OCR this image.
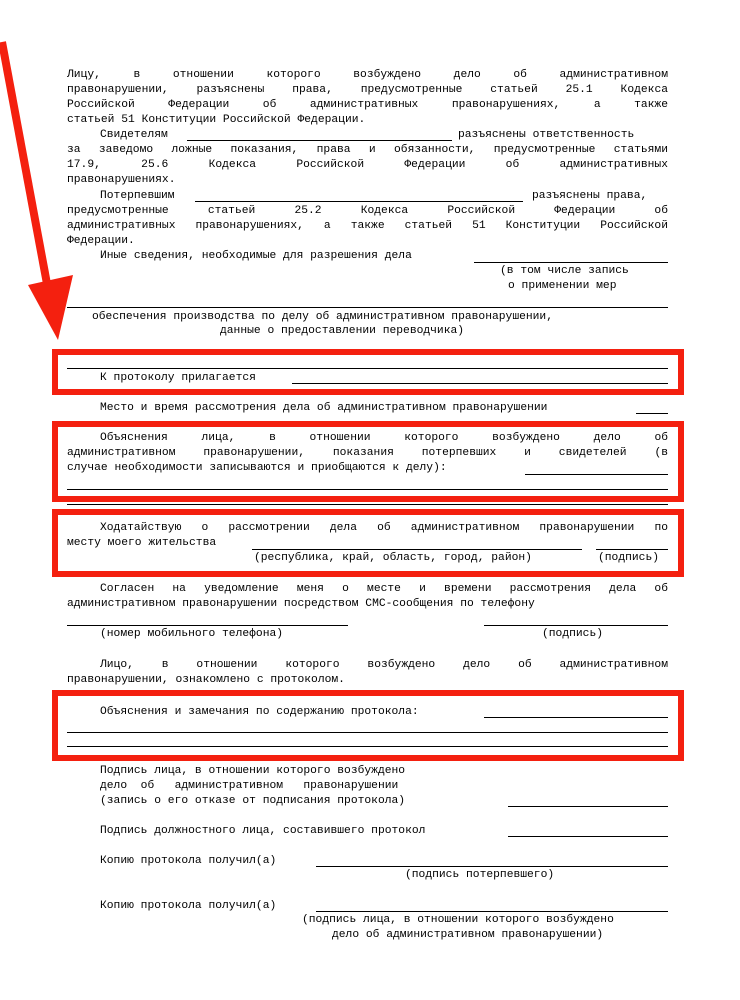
Лицу, в отношении которого возбуждено дело об административном
правонарушении, разъяснены права, предусмотренные статьей 25.1 Кодекса
Российской Федерации об административных правонарушениях, а также
статьей 51 Конституции Российской Федерации.
Свидетелям	разъяснены ответственность
за заведомо ложные показания, права и обязанности, предусмотренные статьями
17.9, 25.6 Кодекса Российской Федерации об административных
правонарушениях.
Потерпевшим	разъяснены права,
предусмотренные статьей 25.2 Кодекса Российской Федерации об
административных правонарушениях, а также статьей 51 Конституции Российской
Федерации.
Иные сведения, необходимые для разрешения дела
(в том числе запись
о применении мер
обеспечения производства по делу об административном правонарушении,
данные о предоставлении переводчика)
К протоколу прилагается
Место и время рассмотрения дела об административном правонарушении
Объяснения лица, в отношении которого возбуждено дело об
административном правонарушении, показания потерпевших и свидетелей (в
случае необходимости записываются и приобщаются к делу):
Ходатайствую о рассмотрении дела об административном правонарушении по
месту моего жительства
(республика, край, область, город, район)	(подпись)
Согласен на уведомление меня о месте и времени рассмотрения дела об
административном правонарушении посредством СМС-сообщения по телефону
(номер мобильного телефона)	(подпись)
Лицо, в отношении которого возбуждено дело об административном
правонарушении, ознакомлено с протоколом.
Объяснения и замечания по содержанию протокола:
Подпись лица, в отношении которого возбуждено
дело  об   административном   правонарушении
(запись о его отказе от подписания протокола)
Подпись должностного лица, составившего протокол
Копию протокола получил(а)
(подпись потерпевшего)
Копию протокола получил(а)
(подпись лица, в отношении которого возбуждено
дело об административном правонарушении)
